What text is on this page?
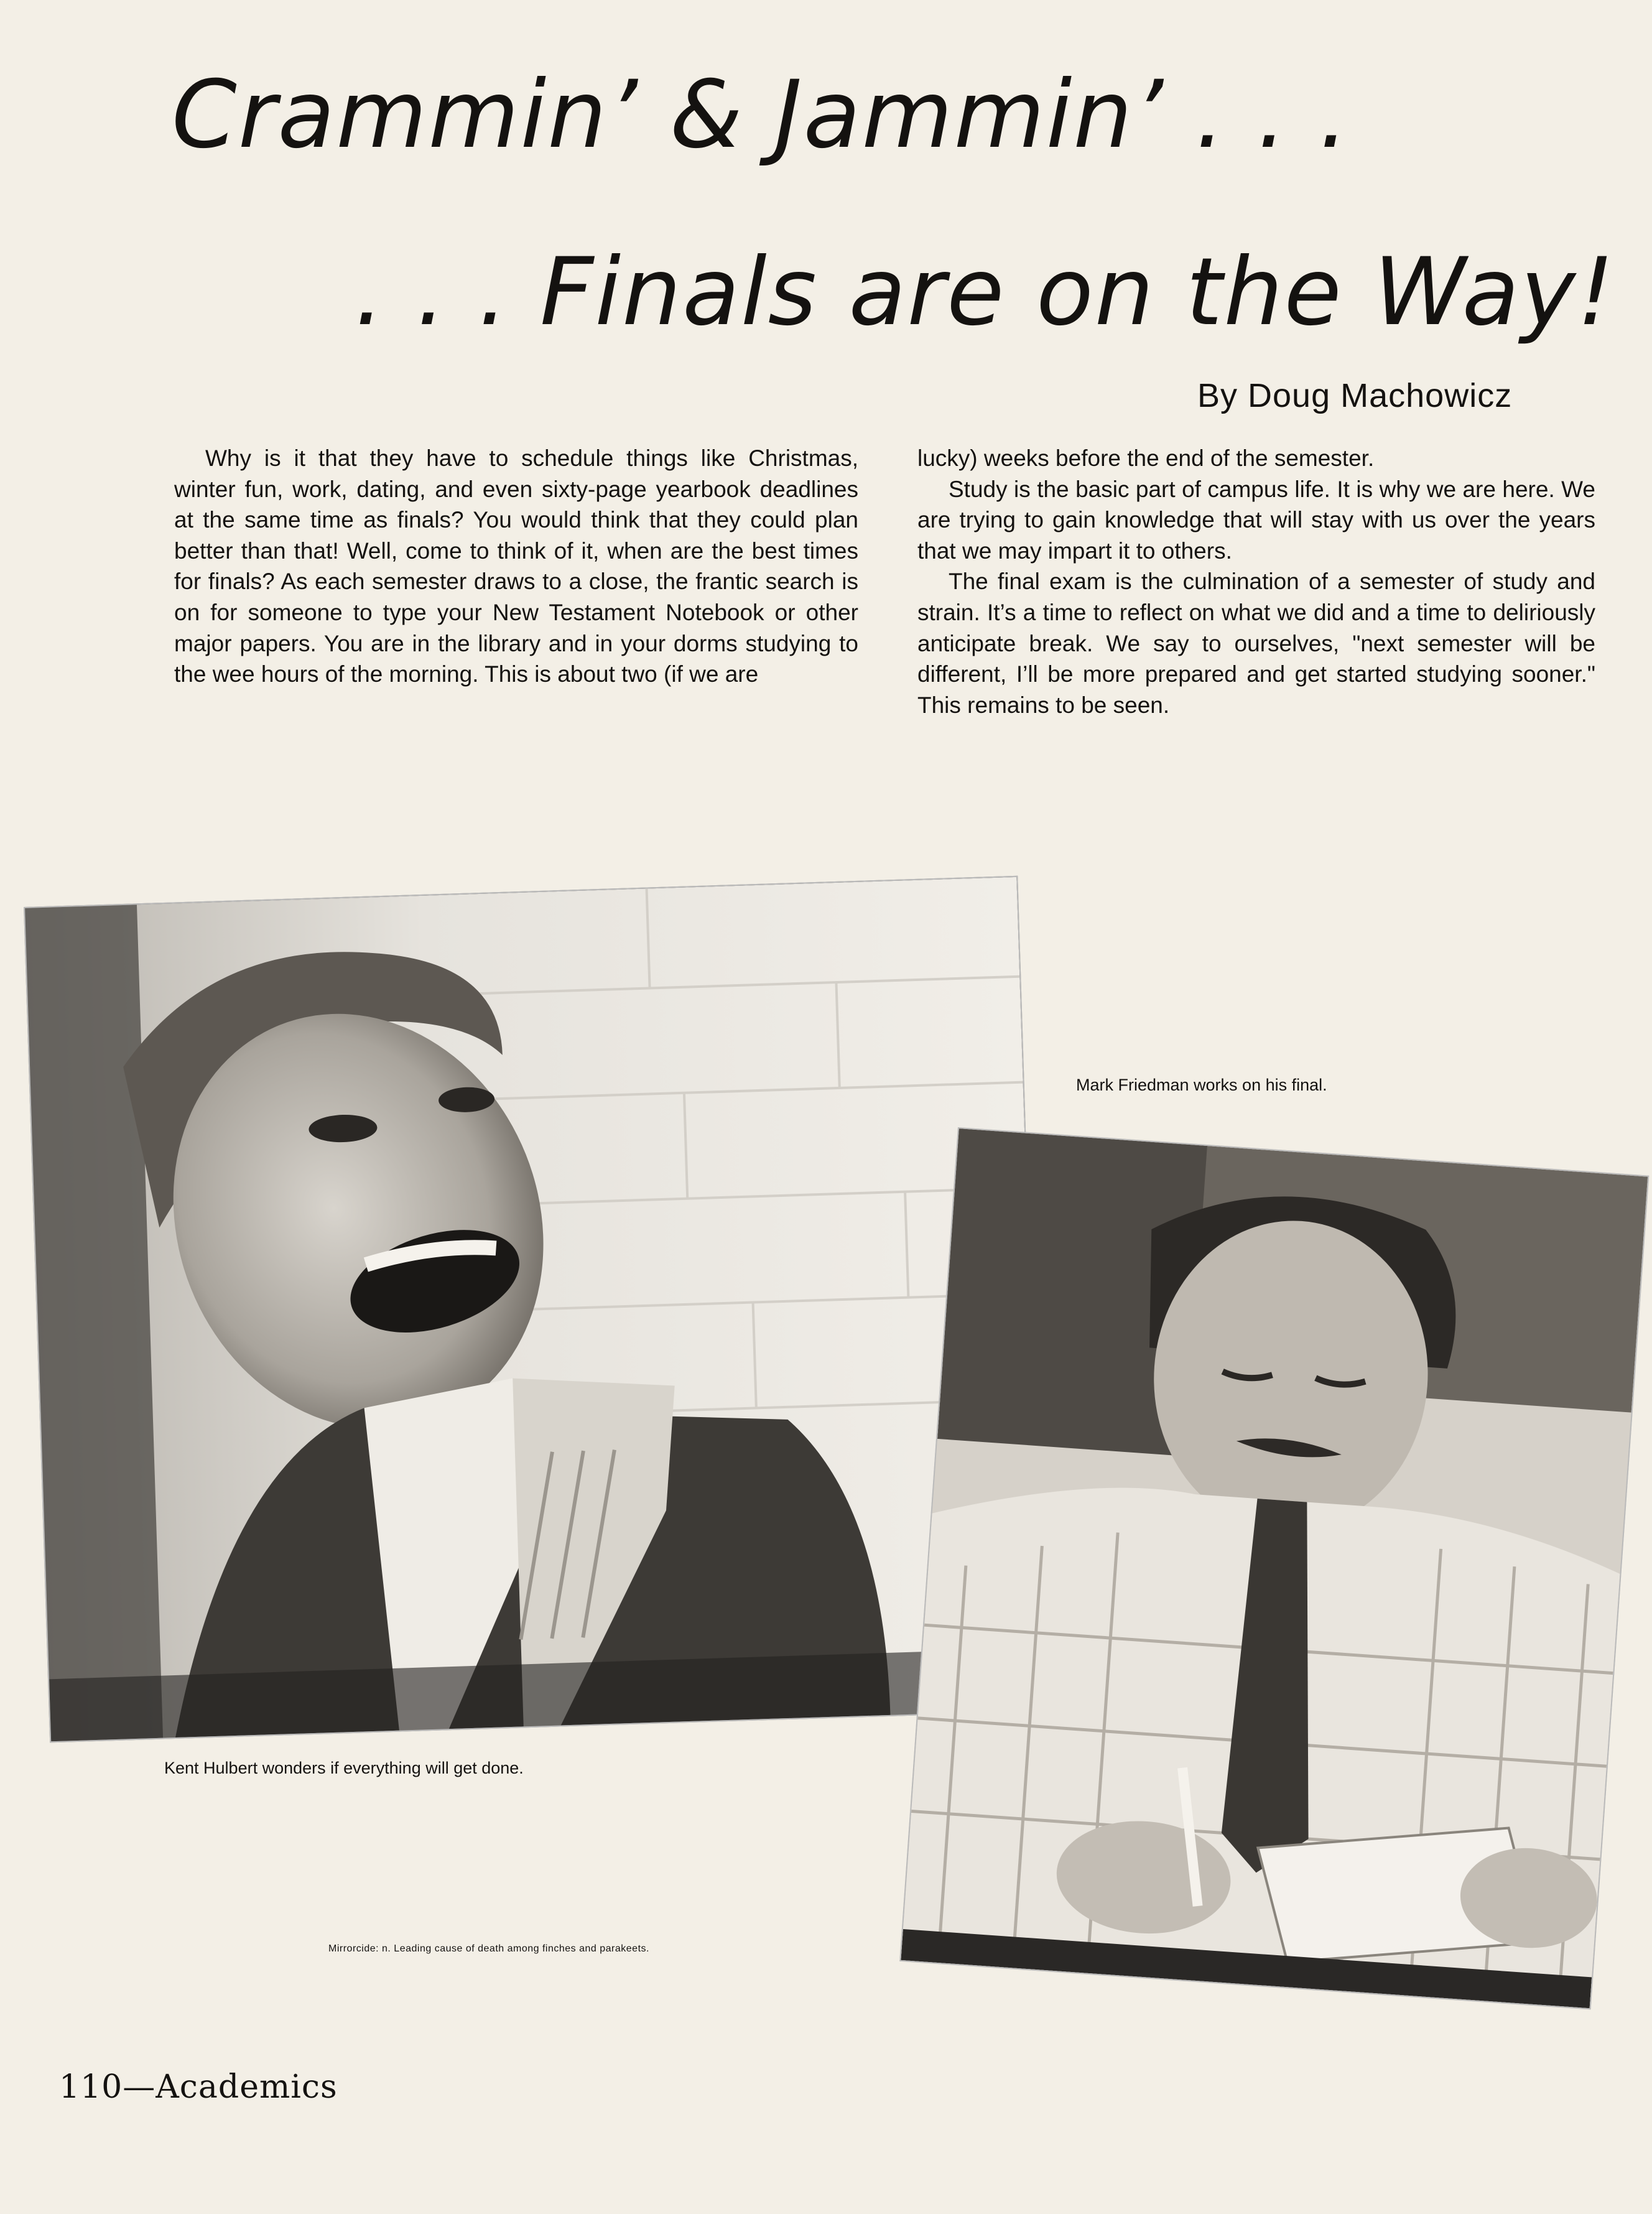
Crammin’ & Jammin’ . . .
. . . Finals are on the Way!
By Doug Machowicz

Why is it that they have to schedule things like Christmas, winter fun, work, dating, and even sixty-page yearbook deadlines at the same time as finals? You would think that they could plan better than that! Well, come to think of it, when are the best times for finals? As each semester draws to a close, the frantic search is on for someone to type your New Testament Notebook or other major papers. You are in the library and in your dorms studying to the wee hours of the morning. This is about two (if we are

lucky) weeks before the end of the semester.

Study is the basic part of campus life. It is why we are here. We are trying to gain knowledge that will stay with us over the years that we may impart it to others.

The final exam is the culmination of a semester of study and strain. It’s a time to reflect on what we did and a time to deliriously anticipate break. We say to ourselves, "next semester will be different, I’ll be more prepared and get started studying sooner." This remains to be seen.

Mark Friedman works on his final.
Kent Hulbert wonders if everything will get done.
Mirrorcide: n. Leading cause of death among finches and parakeets.
110—Academics
